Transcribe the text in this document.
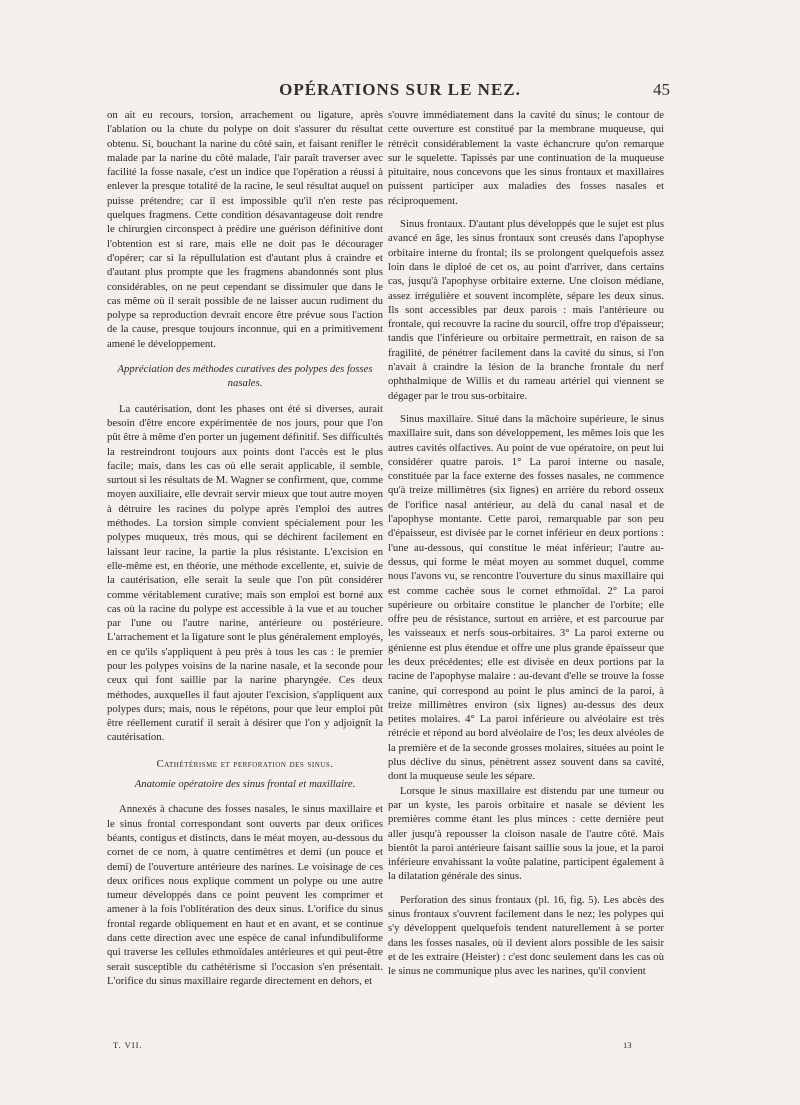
OPÉRATIONS SUR LE NEZ.	45

on ait eu recours, torsion, arrachement ou ligature, après l'ablation ou la chute du polype on doit s'assurer du résultat obtenu. Si, bouchant la narine du côté sain, et faisant renifler le malade par la narine du côté malade, l'air paraît traverser avec facilité la fosse nasale, c'est un indice que l'opération a réussi à enlever la presque totalité de la racine, le seul résultat auquel on puisse prétendre; car il est impossible qu'il n'en reste pas quelques fragmens. Cette condition désavantageuse doit rendre le chirurgien circonspect à prédire une guérison définitive dont l'obtention est si rare, mais elle ne doit pas le décourager d'opérer; car si la répullulation est d'autant plus à craindre et d'autant plus prompte que les fragmens abandonnés sont plus considérables, on ne peut cependant se dissimuler que dans le cas même où il serait possible de ne laisser aucun rudiment du polype sa reproduction devrait encore être prévue sous l'action de la cause, presque toujours inconnue, qui en a primitivement amené le développement.

Appréciation des méthodes curatives des polypes des fosses nasales.

La cautérisation, dont les phases ont été si diverses, aurait besoin d'être encore expérimentée de nos jours, pour que l'on pût être à même d'en porter un jugement définitif. Ses difficultés la restreindront toujours aux points dont l'accès est le plus facile; mais, dans les cas où elle serait applicable, il semble, surtout si les résultats de M. Wagner se confirment, que, comme moyen auxiliaire, elle devrait servir mieux que tout autre moyen à détruire les racines du polype après l'emploi des autres méthodes. La torsion simple convient spécialement pour les polypes muqueux, très mous, qui se déchirent facilement en laissant leur racine, la partie la plus résistante. L'excision en elle-même est, en théorie, une méthode excellente, et, suivie de la cautérisation, elle serait la seule que l'on pût considérer comme véritablement curative; mais son emploi est borné aux cas où la racine du polype est accessible à la vue et au toucher par l'une ou l'autre narine, antérieure ou postérieure. L'arrachement et la ligature sont le plus généralement employés, en ce qu'ils s'appliquent à peu près à tous les cas : le premier pour les polypes voisins de la narine nasale, et la seconde pour ceux qui font saillie par la narine pharyngée. Ces deux méthodes, auxquelles il faut ajouter l'excision, s'appliquent aux polypes durs; mais, nous le répétons, pour que leur emploi pût être réellement curatif il serait à désirer que l'on y adjoignît la cautérisation.

Cathétérisme et perforation des sinus.
Anatomie opératoire des sinus frontal et maxillaire.

Annexés à chacune des fosses nasales, le sinus maxillaire et le sinus frontal correspondant sont ouverts par deux orifices béants, contigus et distincts, dans le méat moyen, au-dessous du cornet de ce nom, à quatre centimètres et demi (un pouce et demi) de l'ouverture antérieure des narines. Le voisinage de ces deux orifices nous explique comment un polype ou une autre tumeur développés dans ce point peuvent les comprimer et amener à la fois l'oblitération des deux sinus. L'orifice du sinus frontal regarde obliquement en haut et en avant, et se continue dans cette direction avec une espèce de canal infundibuliforme qui traverse les cellules ethmoïdales antérieures et qui peut-être serait susceptible du cathétérisme si l'occasion s'en présentait. L'orifice du sinus maxillaire regarde directement en dehors, et

s'ouvre immédiatement dans la cavité du sinus; le contour de cette ouverture est constitué par la membrane muqueuse, qui rétrécit considérablement la vaste échancrure qu'on remarque sur le squelette. Tapissés par une continuation de la muqueuse pituitaire, nous concevons que les sinus frontaux et maxillaires puissent participer aux maladies des fosses nasales et réciproquement.

Sinus frontaux. D'autant plus développés que le sujet est plus avancé en âge, les sinus frontaux sont creusés dans l'apophyse orbitaire interne du frontal; ils se prolongent quelquefois assez loin dans le diploé de cet os, au point d'arriver, dans certains cas, jusqu'à l'apophyse orbitaire externe. Une cloison médiane, assez irrégulière et souvent incomplète, sépare les deux sinus. Ils sont accessibles par deux parois : mais l'antérieure ou frontale, qui recouvre la racine du sourcil, offre trop d'épaisseur; tandis que l'inférieure ou orbitaire permettrait, en raison de sa fragilité, de pénétrer facilement dans la cavité du sinus, si l'on n'avait à craindre la lésion de la branche frontale du nerf ophthalmique de Willis et du rameau artériel qui viennent se dégager par le trou sus-orbitaire.

Sinus maxillaire. Situé dans la mâchoire supérieure, le sinus maxillaire suit, dans son développement, les mêmes lois que les autres cavités olfactives. Au point de vue opératoire, on peut lui considérer quatre parois. 1° La paroi interne ou nasale, constituée par la face externe des fosses nasales, ne commence qu'à treize millimètres (six lignes) en arrière du rebord osseux de l'orifice nasal antérieur, au delà du canal nasal et de l'apophyse montante. Cette paroi, remarquable par son peu d'épaisseur, est divisée par le cornet inférieur en deux portions : l'une au-dessous, qui constitue le méat inférieur; l'autre au-dessus, qui forme le méat moyen au sommet duquel, comme nous l'avons vu, se rencontre l'ouverture du sinus maxillaire qui est comme cachée sous le cornet ethmoïdal. 2° La paroi supérieure ou orbitaire constitue le plancher de l'orbite; elle offre peu de résistance, surtout en arrière, et est parcourue par les vaisseaux et nerfs sous-orbitaires. 3° La paroi externe ou génienne est plus étendue et offre une plus grande épaisseur que les deux précédentes; elle est divisée en deux portions par la racine de l'apophyse malaire : au-devant d'elle se trouve la fosse canine, qui correspond au point le plus aminci de la paroi, à treize millimètres environ (six lignes) au-dessus des deux petites molaires. 4° La paroi inférieure ou alvéolaire est très rétrécie et répond au bord alvéolaire de l'os; les deux alvéoles de la première et de la seconde grosses molaires, situées au point le plus déclive du sinus, pénètrent assez souvent dans sa cavité, dont la muqueuse seule les sépare.

Lorsque le sinus maxillaire est distendu par une tumeur ou par un kyste, les parois orbitaire et nasale se dévient les premières comme étant les plus minces : cette dernière peut aller jusqu'à repousser la cloison nasale de l'autre côté. Mais bientôt la paroi antérieure faisant saillie sous la joue, et la paroi inférieure envahissant la voûte palatine, participent également à la dilatation générale des sinus.

Perforation des sinus frontaux (pl. 16, fig. 5). Les abcès des sinus frontaux s'ouvrent facilement dans le nez; les polypes qui s'y développent quelquefois tendent naturellement à se porter dans les fosses nasales, où il devient alors possible de les saisir et de les extraire (Heister) : c'est donc seulement dans les cas où le sinus ne communique plus avec les narines, qu'il convient

T. VII.	13
